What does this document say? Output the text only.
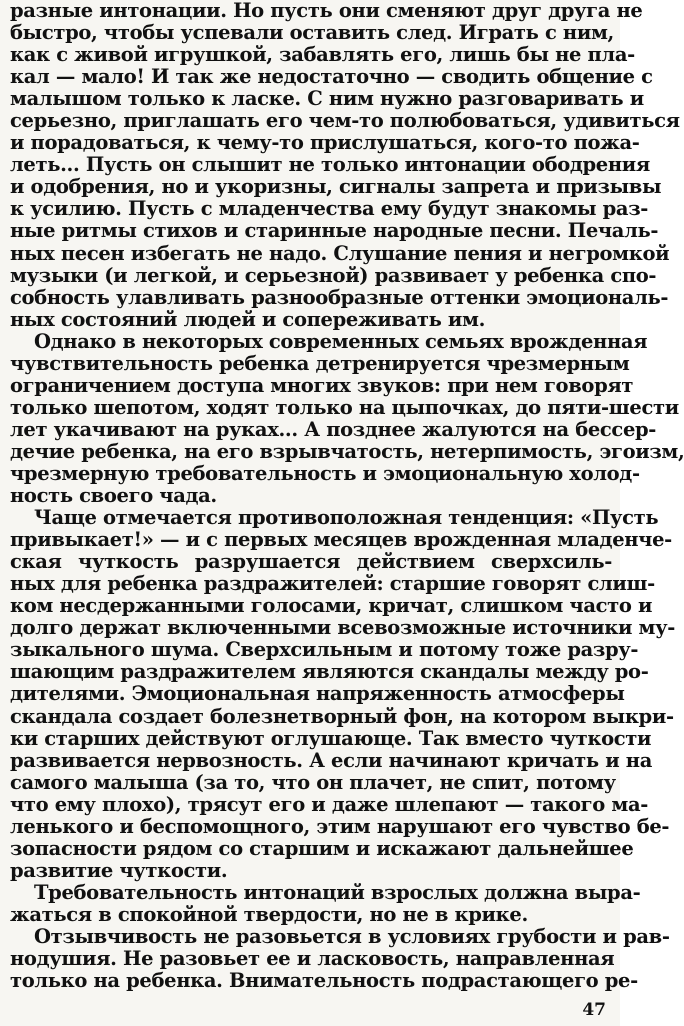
разные интонации. Но пусть они сменяют друг друга не
быстро, чтобы успевали оставить след. Играть с ним,
как с живой игрушкой, забавлять его, лишь бы не пла-
кал — мало! И так же недостаточно — сводить общение с
малышом только к ласке. С ним нужно разговаривать и
серьезно, приглашать его чем-то полюбоваться, удивиться
и порадоваться, к чему-то прислушаться, кого-то пожа-
леть... Пусть он слышит не только интонации ободрения
и одобрения, но и укоризны, сигналы запрета и призывы
к усилию. Пусть с младенчества ему будут знакомы раз-
ные ритмы стихов и старинные народные песни. Печаль-
ных песен избегать не надо. Слушание пения и негромкой
музыки (и легкой, и серьезной) развивает у ребенка спо-
собность улавливать разнообразные оттенки эмоциональ-
ных состояний людей и сопереживать им.
Однако в некоторых современных семьях врожденная
чувствительность ребенка детренируется чрезмерным
ограничением доступа многих звуков: при нем говорят
только шепотом, ходят только на цыпочках, до пяти-шести
лет укачивают на руках... А позднее жалуются на бессер-
дечие ребенка, на его взрывчатость, нетерпимость, эгоизм,
чрезмерную требовательность и эмоциональную холод-
ность своего чада.
Чаще отмечается противоположная тенденция: «Пусть
привыкает!» — и с первых месяцев врожденная младенче-
ская чуткость разрушается действием сверхсиль-
ных для ребенка раздражителей: старшие говорят слиш-
ком несдержанными голосами, кричат, слишком часто и
долго держат включенными всевозможные источники му-
зыкального шума. Сверхсильным и потому тоже разру-
шающим раздражителем являются скандалы между ро-
дителями. Эмоциональная напряженность атмосферы
скандала создает болезнетворный фон, на котором выкри-
ки старших действуют оглушающе. Так вместо чуткости
развивается нервозность. А если начинают кричать и на
самого малыша (за то, что он плачет, не спит, потому
что ему плохо), трясут его и даже шлепают — такого ма-
ленького и беспомощного, этим нарушают его чувство бе-
зопасности рядом со старшим и искажают дальнейшее
развитие чуткости.
Требовательность интонаций взрослых должна выра-
жаться в спокойной твердости, но не в крике.
Отзывчивость не разовьется в условиях грубости и рав-
нодушия. Не разовьет ее и ласковость, направленная
только на ребенка. Внимательность подрастающего ре-
47
